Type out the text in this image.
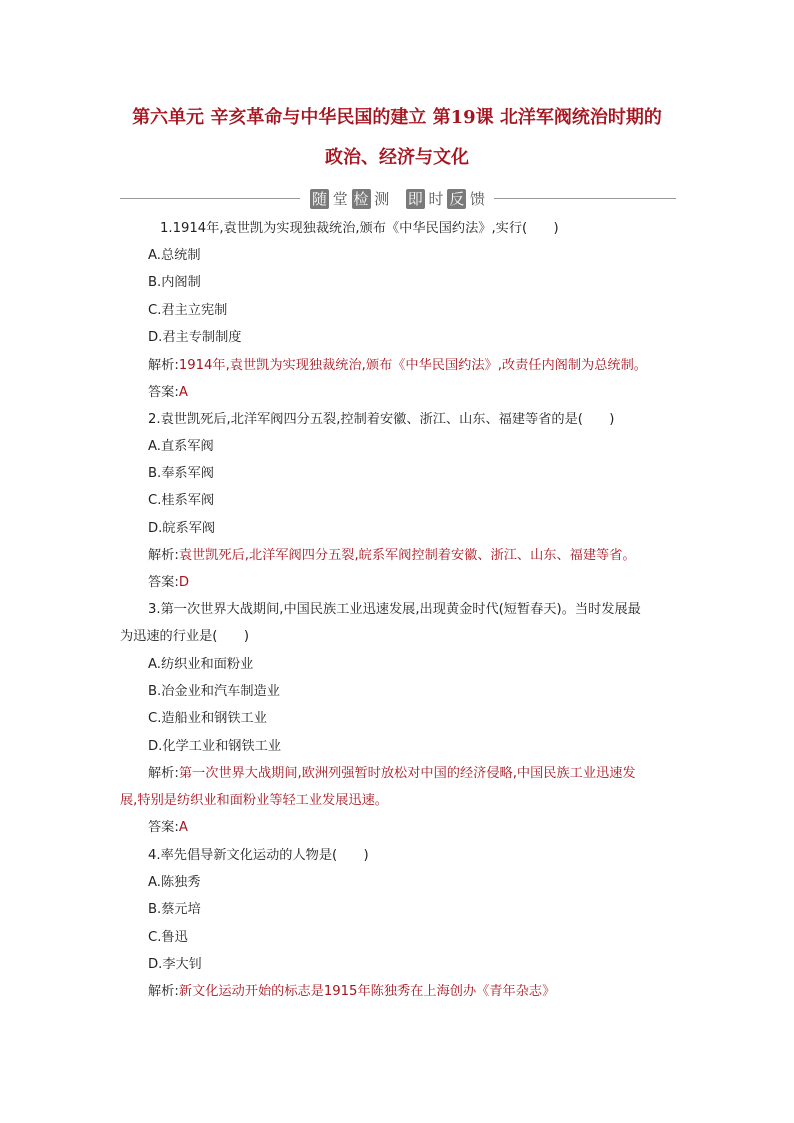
第六单元 辛亥革命与中华民国的建立 第19课 北洋军阀统治时期的
政治、经济与文化
随 堂 检 测 即 时 反 馈
1.1914年,袁世凯为实现独裁统治,颁布《中华民国约法》,实行(　　)
A.总统制
B.内阁制
C.君主立宪制
D.君主专制制度
解析:1914年,袁世凯为实现独裁统治,颁布《中华民国约法》,改责任内阁制为总统制。
答案:A
2.袁世凯死后,北洋军阀四分五裂,控制着安徽、浙江、山东、福建等省的是(　　)
A.直系军阀
B.奉系军阀
C.桂系军阀
D.皖系军阀
解析:袁世凯死后,北洋军阀四分五裂,皖系军阀控制着安徽、浙江、山东、福建等省。
答案:D
3.第一次世界大战期间,中国民族工业迅速发展,出现黄金时代(短暂春天)。当时发展最
为迅速的行业是(　　)
A.纺织业和面粉业
B.冶金业和汽车制造业
C.造船业和钢铁工业
D.化学工业和钢铁工业
解析:第一次世界大战期间,欧洲列强暂时放松对中国的经济侵略,中国民族工业迅速发
展,特别是纺织业和面粉业等轻工业发展迅速。
答案:A
4.率先倡导新文化运动的人物是(　　)
A.陈独秀
B.蔡元培
C.鲁迅
D.李大钊
解析:新文化运动开始的标志是1915年陈独秀在上海创办《青年杂志》
